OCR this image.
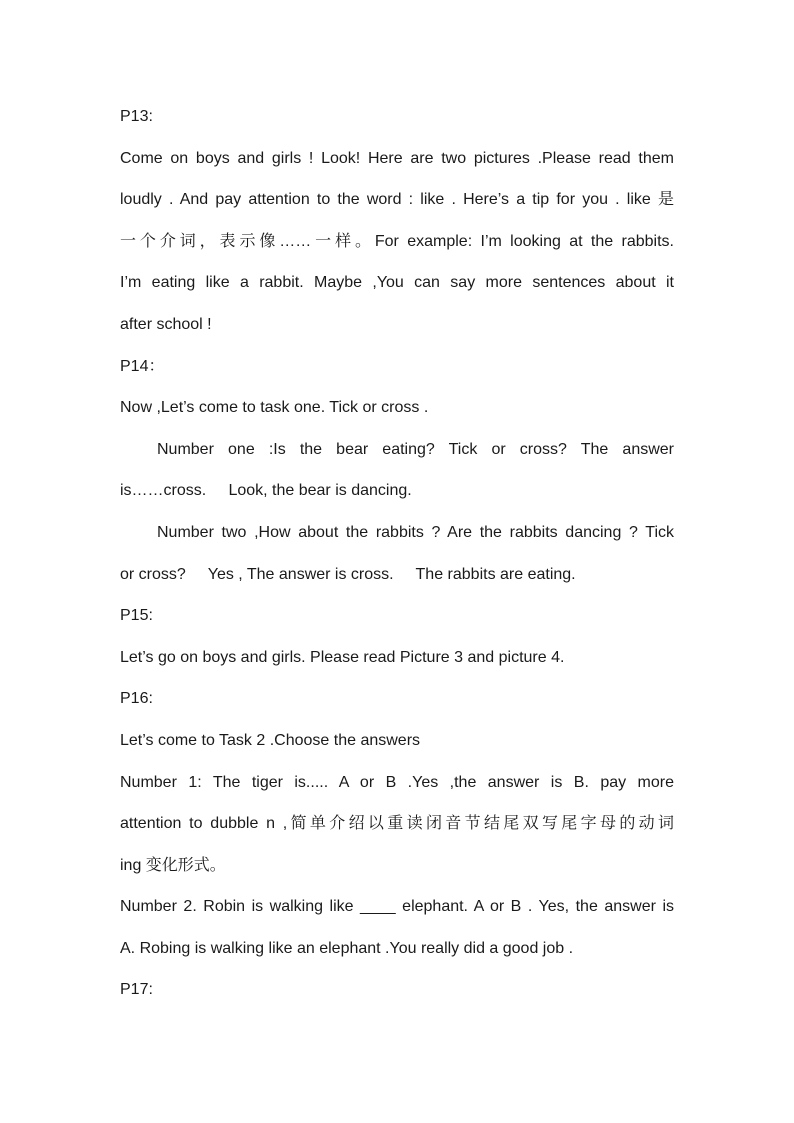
P13:

Come on boys and girls ! Look! Here are two pictures .Please read them

loudly . And pay attention to the word : like . Here’s a tip for you . like 是

一个介词，表示像……一样。For example: I’m looking at the rabbits.

I’m eating like a rabbit. Maybe ,You can say more sentences about it

after school !

P14：

Now ,Let’s come to task one. Tick or cross .

Number one :Is the bear eating? Tick or cross? The answer

is……cross.     Look, the bear is dancing.

Number two ,How about the rabbits ? Are the rabbits dancing ? Tick

or cross?     Yes , The answer is cross.     The rabbits are eating.

P15:

Let’s go on boys and girls. Please read Picture 3 and picture 4.

P16:

Let’s come to Task 2 .Choose the answers

Number 1: The tiger is..... A or B .Yes ,the answer is B. pay more

attention to dubble n ,简单介绍以重读闭音节结尾双写尾字母的动词

ing 变化形式。

Number 2. Robin is walking like ____ elephant. A or B . Yes, the answer is

A. Robing is walking like an elephant .You really did a good job .

P17:
